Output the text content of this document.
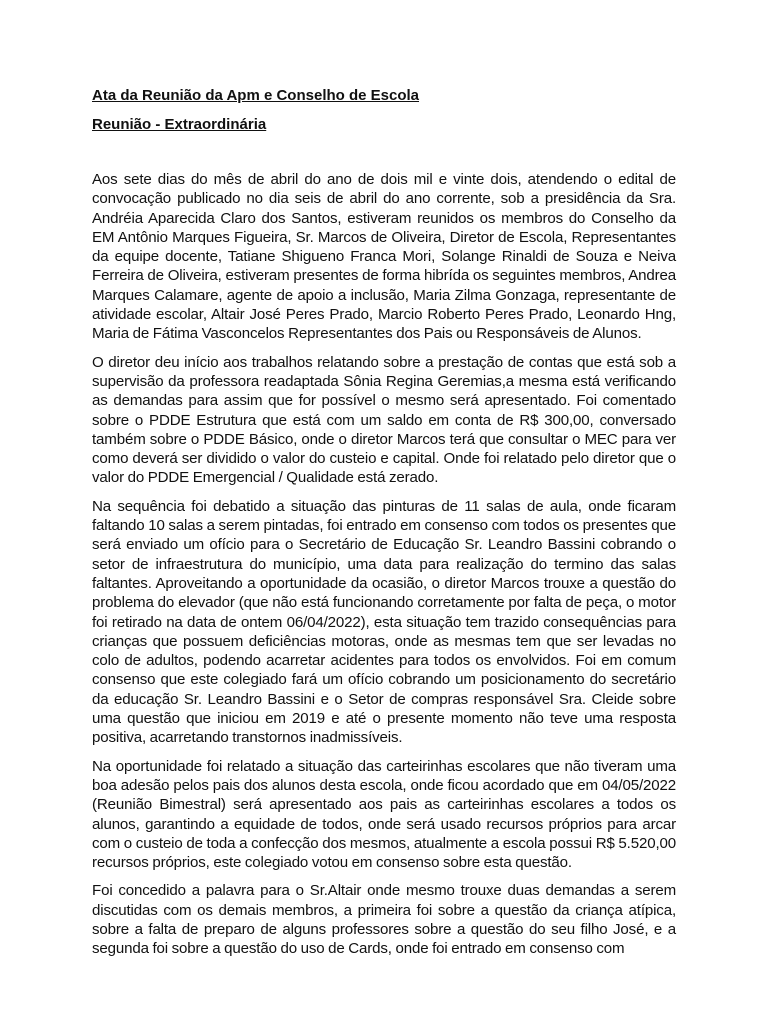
Ata da Reunião da Apm e Conselho de Escola

Reunião - Extraordinária

Aos sete dias do mês de abril do ano de dois mil e vinte dois, atendendo o edital de convocação publicado no dia seis de abril do ano corrente, sob a presidência da Sra. Andréia Aparecida Claro dos Santos, estiveram reunidos os membros do Conselho da EM Antônio Marques Figueira, Sr. Marcos de Oliveira, Diretor de Escola, Representantes da equipe docente, Tatiane Shigueno Franca Mori, Solange Rinaldi de Souza e Neiva Ferreira de Oliveira, estiveram presentes de forma hibrída os seguintes membros, Andrea Marques Calamare, agente de apoio a inclusão, Maria Zilma Gonzaga, representante de atividade escolar, Altair José Peres Prado, Marcio Roberto Peres Prado, Leonardo Hng, Maria de Fátima Vasconcelos Representantes dos Pais ou Responsáveis de Alunos.

O diretor deu início aos trabalhos relatando sobre a prestação de contas que está sob a supervisão da professora readaptada Sônia Regina Geremias,a mesma está verificando as demandas para assim que for possível o mesmo será apresentado. Foi comentado sobre o PDDE Estrutura que está com um saldo em conta de R$ 300,00, conversado também sobre o PDDE Básico, onde o diretor Marcos terá que consultar o MEC para ver como deverá ser dividido o valor do custeio e capital. Onde foi relatado pelo diretor que o valor do PDDE Emergencial / Qualidade está zerado.

Na sequência foi debatido a situação das pinturas de 11 salas de aula, onde ficaram faltando 10 salas a serem pintadas, foi entrado em consenso com todos os presentes que será enviado um ofício para o Secretário de Educação Sr. Leandro Bassini cobrando o setor de infraestrutura do município, uma data para realização do termino das salas faltantes. Aproveitando a oportunidade da ocasião, o diretor Marcos trouxe a questão do problema do elevador (que não está funcionando corretamente por falta de peça, o motor foi retirado na data de ontem 06/04/2022), esta situação tem trazido consequências para crianças que possuem deficiências motoras, onde as mesmas tem que ser levadas no colo de adultos, podendo acarretar acidentes para todos os envolvidos. Foi em comum consenso que este colegiado fará um ofício cobrando um posicionamento do secretário da educação Sr. Leandro Bassini e o Setor de compras responsável Sra. Cleide sobre uma questão que iniciou em 2019 e até o presente momento não teve uma resposta positiva, acarretando transtornos inadmissíveis.

Na oportunidade foi relatado a situação das carteirinhas escolares que não tiveram uma boa adesão pelos pais dos alunos desta escola, onde ficou acordado que em 04/05/2022 (Reunião Bimestral) será apresentado aos pais as carteirinhas escolares a todos os alunos, garantindo a equidade de todos, onde será usado recursos próprios para arcar com o custeio de toda a confecção dos mesmos, atualmente a escola possui R$ 5.520,00 recursos próprios, este colegiado votou em consenso sobre esta questão.

Foi concedido a palavra para o Sr.Altair onde mesmo trouxe duas demandas a serem discutidas com os demais membros, a primeira foi sobre a questão da criança atípica, sobre a falta de preparo de alguns professores sobre a questão do seu filho José, e a segunda foi sobre a questão do uso de Cards, onde foi entrado em consenso com
